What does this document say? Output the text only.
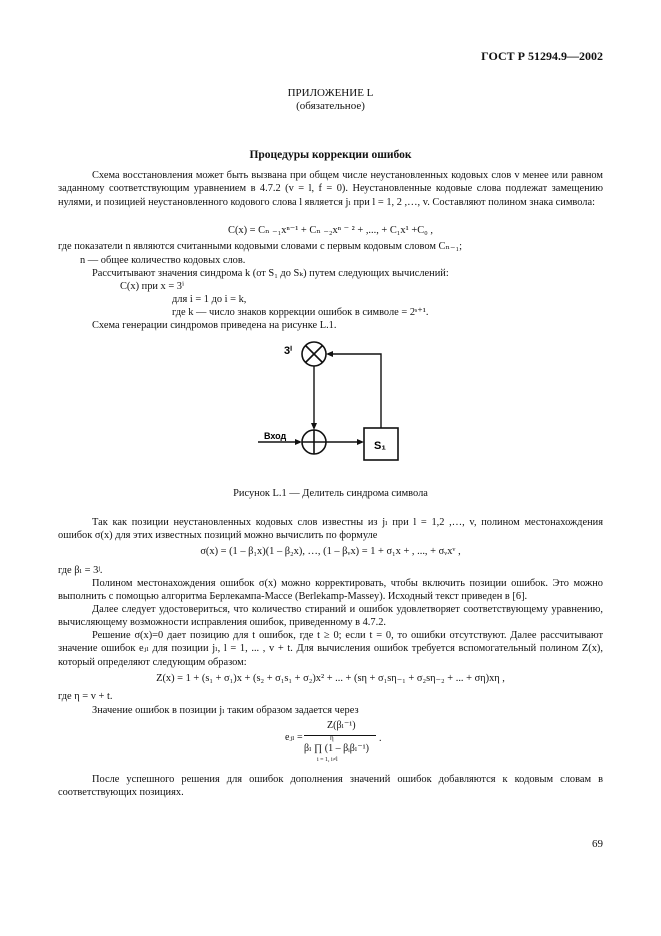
ГОСТ Р 51294.9—2002
ПРИЛОЖЕНИЕ L
(обязательное)
Процедуры коррекции ошибок
Схема восстановления может быть вызвана при общем числе неустановленных кодовых слов v менее или равном заданному соответствующим уравнением в 4.7.2 (v = l, f = 0). Неустановленные кодовые слова подлежат замещению нулями, и позицией неустановленного кодового слова l является jₗ при l = 1, 2 ,…, v. Составляют полином знака символа:
C(x) = Cₙ ₋₁xⁿ⁻¹ + Cₙ ₋₂xⁿ ⁻ ² + ,..., + C₁x¹ +C₀ ,
где показатели n являются считанными кодовыми словами с первым кодовым словом Cₙ₋₁;
n — общее количество кодовых слов.
Рассчитывают значения синдрома k (от S₁ до Sₖ) путем следующих вычислений:
C(x) при x = 3ⁱ
для i = 1 до i = k,
где k — число знаков коррекции ошибок в символе = 2ˢ⁺¹.
Схема генерации синдромов приведена на рисунке L.1.
3ⁱ
Вход
S₁
Рисунок L.1 — Делитель синдрома символа
Так как позиции неустановленных кодовых слов известны из jₗ при l = 1,2 ,…, v, полином местонахождения ошибок σ(x) для этих известных позиций можно вычислить по формуле
σ(x) = (1 – β₁x)(1 – β₂x), …, (1 – βᵥx) = 1 + σ₁x + , ..., + σᵥxᵛ ,
где βₗ = 3ʲ.
Полином местонахождения ошибок σ(x) можно корректировать, чтобы включить позиции ошибок. Это можно выполнить с помощью алгоритма Берлекампа-Массе (Berlekamp-Massey). Исходный текст приведен в [6].
Далее следует удостовериться, что количество стираний и ошибок удовлетворяет соответствующему уравнению, вычисляющему возможности исправления ошибок, приведенному в 4.7.2.
Решение σ(x)=0 дает позицию для t ошибок, где t ≥ 0; если t = 0, то ошибки отсутствуют. Далее рассчитывают значение ошибок eⱼₗ для позиции jₗ, l = 1, ... , v + t. Для вычисления ошибок требуется вспомогательный полином Z(x), который определяют следующим образом:
Z(x) = 1 + (s₁ + σ₁)x + (s₂ + σ₁s₁ + σ₂)x² + ... + (sη + σ₁sη₋₁ + σ₂sη₋₂ + ... + ση)xη ,
где η = v + t.
Значение ошибок в позиции jₗ таким образом задается через
eⱼₗ =
Z(βₗ⁻¹)
η
βₗ ∏ (1 – βᵢβₗ⁻¹)
i = 1, i≠l
.
После успешного решения для ошибок дополнения значений ошибок добавляются к кодовым словам в соответствующих позициях.
69
